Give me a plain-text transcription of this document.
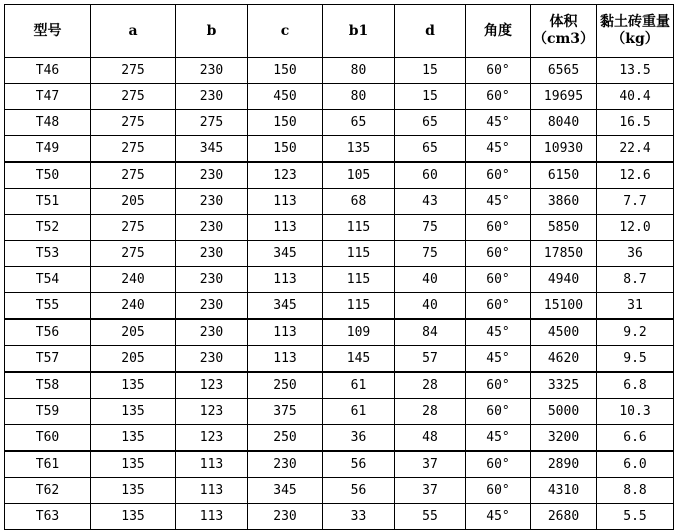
型号	a	b	c	b1	d	角度	体积（cm3）	黏土砖重量（kg）
T46	275	230	150	80	15	60°	6565	13.5
T47	275	230	450	80	15	60°	19695	40.4
T48	275	275	150	65	65	45°	8040	16.5
T49	275	345	150	135	65	45°	10930	22.4
T50	275	230	123	105	60	60°	6150	12.6
T51	205	230	113	68	43	45°	3860	7.7
T52	275	230	113	115	75	60°	5850	12.0
T53	275	230	345	115	75	60°	17850	36
T54	240	230	113	115	40	60°	4940	8.7
T55	240	230	345	115	40	60°	15100	31
T56	205	230	113	109	84	45°	4500	9.2
T57	205	230	113	145	57	45°	4620	9.5
T58	135	123	250	61	28	60°	3325	6.8
T59	135	123	375	61	28	60°	5000	10.3
T60	135	123	250	36	48	45°	3200	6.6
T61	135	113	230	56	37	60°	2890	6.0
T62	135	113	345	56	37	60°	4310	8.8
T63	135	113	230	33	55	45°	2680	5.5
